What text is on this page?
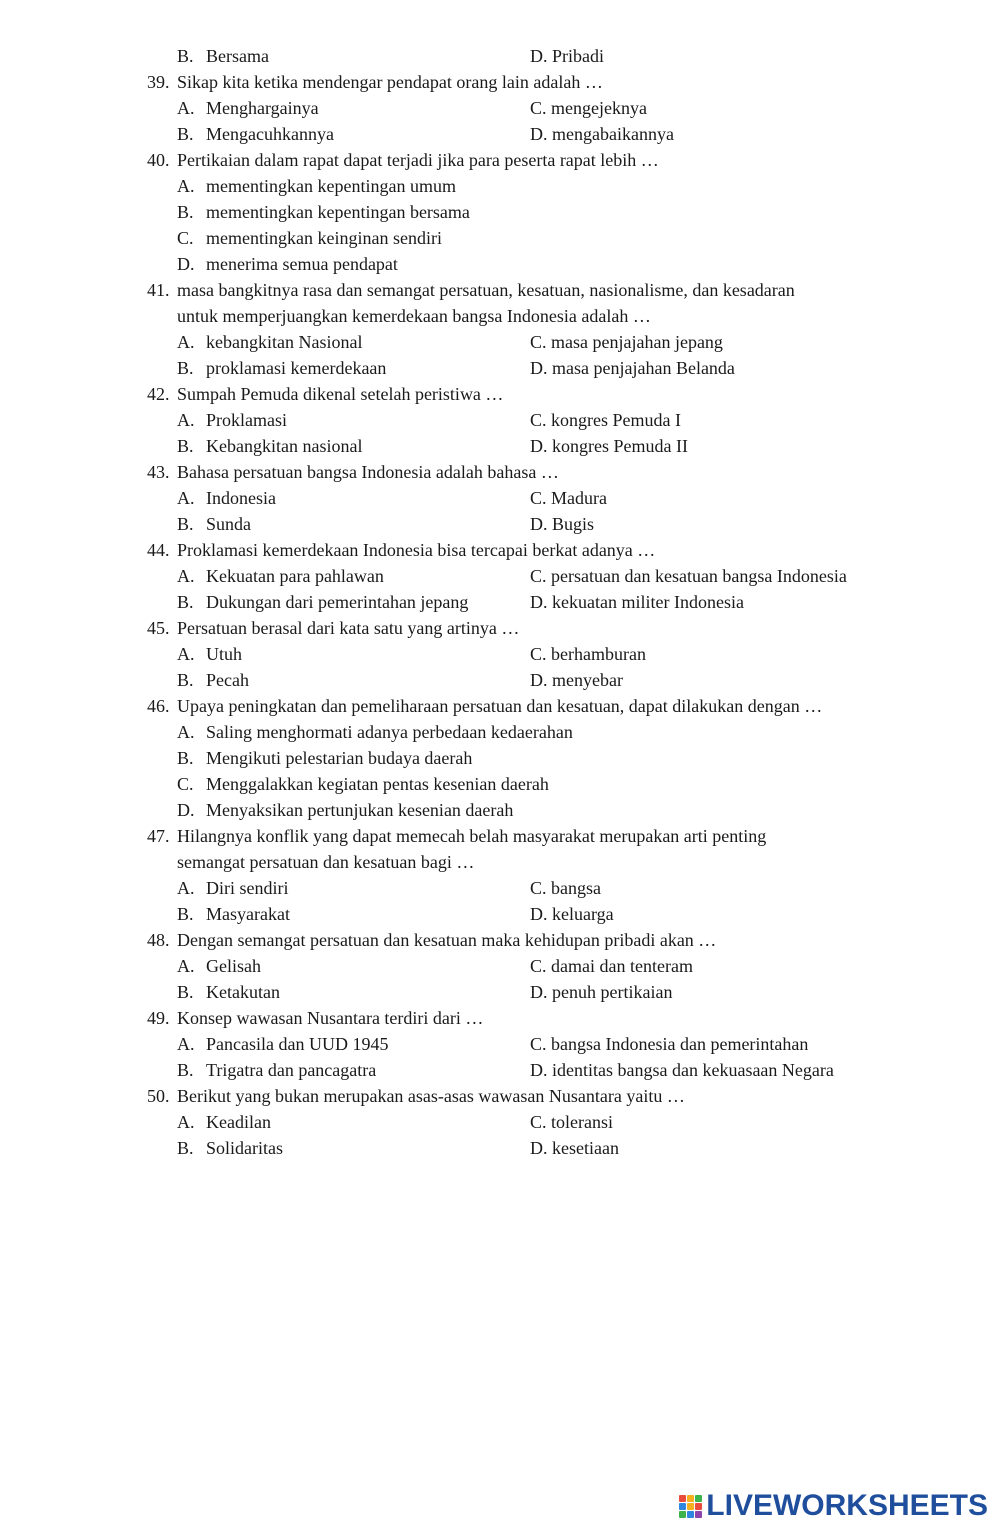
B. Bersama	D. Pribadi
39. Sikap kita ketika mendengar pendapat orang lain adalah …
A. Menghargainya	C. mengejeknya
B. Mengacuhkannya	D. mengabaikannya
40. Pertikaian dalam rapat dapat terjadi jika para peserta rapat lebih …
A. mementingkan kepentingan umum
B. mementingkan kepentingan bersama
C. mementingkan keinginan sendiri
D. menerima semua pendapat
41. masa bangkitnya rasa dan semangat persatuan, kesatuan, nasionalisme, dan kesadaran
untuk memperjuangkan kemerdekaan bangsa Indonesia adalah …
A. kebangkitan Nasional	C. masa penjajahan jepang
B. proklamasi kemerdekaan	D. masa penjajahan Belanda
42. Sumpah Pemuda dikenal setelah peristiwa …
A. Proklamasi	C. kongres Pemuda I
B. Kebangkitan nasional	D. kongres Pemuda II
43. Bahasa persatuan bangsa Indonesia adalah bahasa …
A. Indonesia	C. Madura
B. Sunda	D. Bugis
44. Proklamasi kemerdekaan Indonesia bisa tercapai berkat adanya …
A. Kekuatan para pahlawan	C. persatuan dan kesatuan bangsa Indonesia
B. Dukungan dari pemerintahan jepang	D. kekuatan militer Indonesia
45. Persatuan berasal dari kata satu yang artinya …
A. Utuh	C. berhamburan
B. Pecah	D. menyebar
46. Upaya peningkatan dan pemeliharaan persatuan dan kesatuan, dapat dilakukan dengan …
A. Saling menghormati adanya perbedaan kedaerahan
B. Mengikuti pelestarian budaya daerah
C. Menggalakkan kegiatan pentas kesenian daerah
D. Menyaksikan pertunjukan kesenian daerah
47. Hilangnya konflik yang dapat memecah belah masyarakat merupakan arti penting
semangat persatuan dan kesatuan bagi …
A. Diri sendiri	C. bangsa
B. Masyarakat	D. keluarga
48. Dengan semangat persatuan dan kesatuan maka kehidupan pribadi akan …
A. Gelisah	C. damai dan tenteram
B. Ketakutan	D. penuh pertikaian
49. Konsep wawasan Nusantara terdiri dari …
A. Pancasila dan UUD 1945	C. bangsa Indonesia dan pemerintahan
B. Trigatra dan pancagatra	D. identitas bangsa dan kekuasaan Negara
50. Berikut yang bukan merupakan asas-asas wawasan Nusantara yaitu …
A. Keadilan	C. toleransi
B. Solidaritas	D. kesetiaan
LIVEWORKSHEETS
